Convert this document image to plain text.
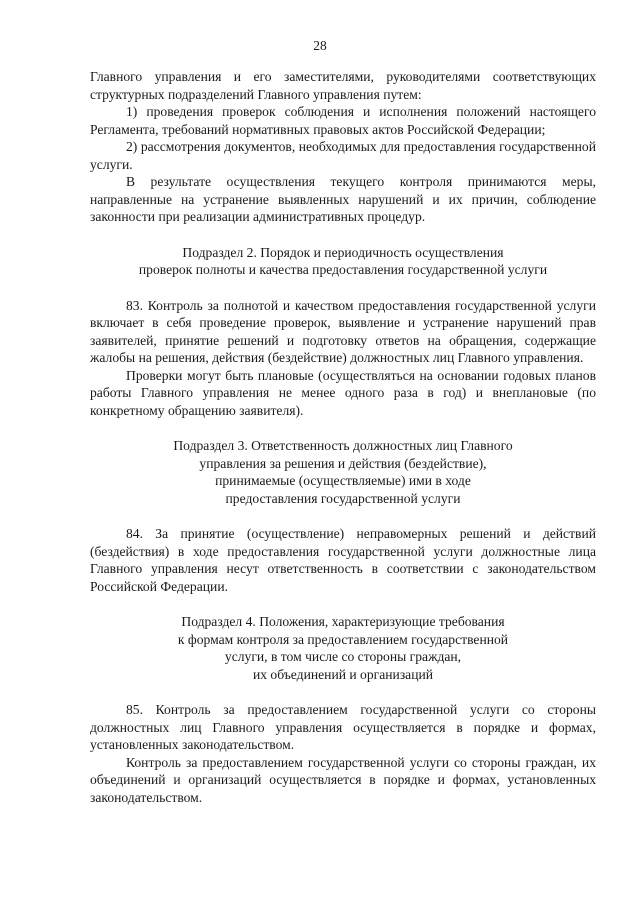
28

Главного управления и его заместителями, руководителями соответствующих структурных подразделений Главного управления путем:

1) проведения проверок соблюдения и исполнения положений настоящего Регламента, требований нормативных правовых актов Российской Федерации;

2) рассмотрения документов, необходимых для предоставления государственной услуги.

В результате осуществления текущего контроля принимаются меры, направленные на устранение выявленных нарушений и их причин, соблюдение законности при реализации административных процедур.

Подраздел 2. Порядок и периодичность осуществления
проверок полноты и качества предоставления государственной услуги

83. Контроль за полнотой и качеством предоставления государственной услуги включает в себя проведение проверок, выявление и устранение нарушений прав заявителей, принятие решений и подготовку ответов на обращения, содержащие жалобы на решения, действия (бездействие) должностных лиц Главного управления.

Проверки могут быть плановые (осуществляться на основании годовых планов работы Главного управления не менее одного раза в год) и внеплановые (по конкретному обращению заявителя).

Подраздел 3. Ответственность должностных лиц Главного
управления за решения и действия (бездействие),
принимаемые (осуществляемые) ими в ходе
предоставления государственной услуги

84. За принятие (осуществление) неправомерных решений и действий (бездействия) в ходе предоставления государственной услуги должностные лица Главного управления несут ответственность в соответствии с законодательством Российской Федерации.

Подраздел 4. Положения, характеризующие требования
к формам контроля за предоставлением государственной
услуги, в том числе со стороны граждан,
их объединений и организаций

85. Контроль за предоставлением государственной услуги со стороны должностных лиц Главного управления осуществляется в порядке и формах, установленных законодательством.

Контроль за предоставлением государственной услуги со стороны граждан, их объединений и организаций осуществляется в порядке и формах, установленных законодательством.
